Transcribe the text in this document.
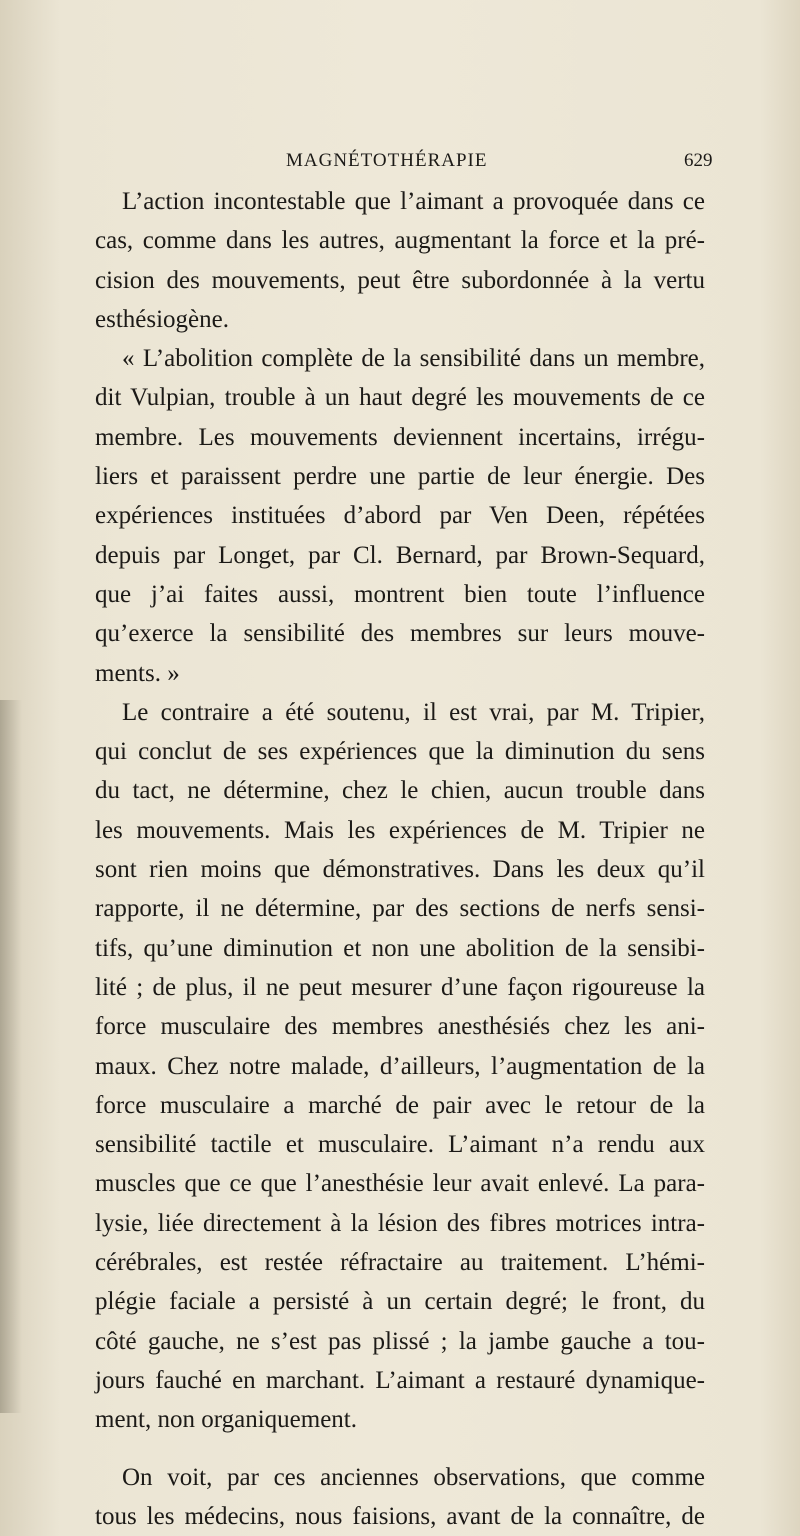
MAGNÉTOTHÉRAPIE	629
L’action incontestable que l’aimant a provoquée dans ce
cas, comme dans les autres, augmentant la force et la pré-
cision des mouvements, peut être subordonnée à la vertu
esthésiogène.
« L’abolition complète de la sensibilité dans un membre,
dit Vulpian, trouble à un haut degré les mouvements de ce
membre. Les mouvements deviennent incertains, irrégu-
liers et paraissent perdre une partie de leur énergie. Des
expériences instituées d’abord par Ven Deen, répétées
depuis par Longet, par Cl. Bernard, par Brown-Sequard,
que j’ai faites aussi, montrent bien toute l’influence
qu’exerce la sensibilité des membres sur leurs mouve-
ments. »
Le contraire a été soutenu, il est vrai, par M. Tripier,
qui conclut de ses expériences que la diminution du sens
du tact, ne détermine, chez le chien, aucun trouble dans
les mouvements. Mais les expériences de M. Tripier ne
sont rien moins que démonstratives. Dans les deux qu’il
rapporte, il ne détermine, par des sections de nerfs sensi-
tifs, qu’une diminution et non une abolition de la sensibi-
lité ; de plus, il ne peut mesurer d’une façon rigoureuse la
force musculaire des membres anesthésiés chez les ani-
maux. Chez notre malade, d’ailleurs, l’augmentation de la
force musculaire a marché de pair avec le retour de la
sensibilité tactile et musculaire. L’aimant n’a rendu aux
muscles que ce que l’anesthésie leur avait enlevé. La para-
lysie, liée directement à la lésion des fibres motrices intra-
cérébrales, est restée réfractaire au traitement. L’hémi-
plégie faciale a persisté à un certain degré; le front, du
côté gauche, ne s’est pas plissé ; la jambe gauche a tou-
jours fauché en marchant. L’aimant a restauré dynamique-
ment, non organiquement.
On voit, par ces anciennes observations, que comme
tous les médecins, nous faisions, avant de la connaître, de
